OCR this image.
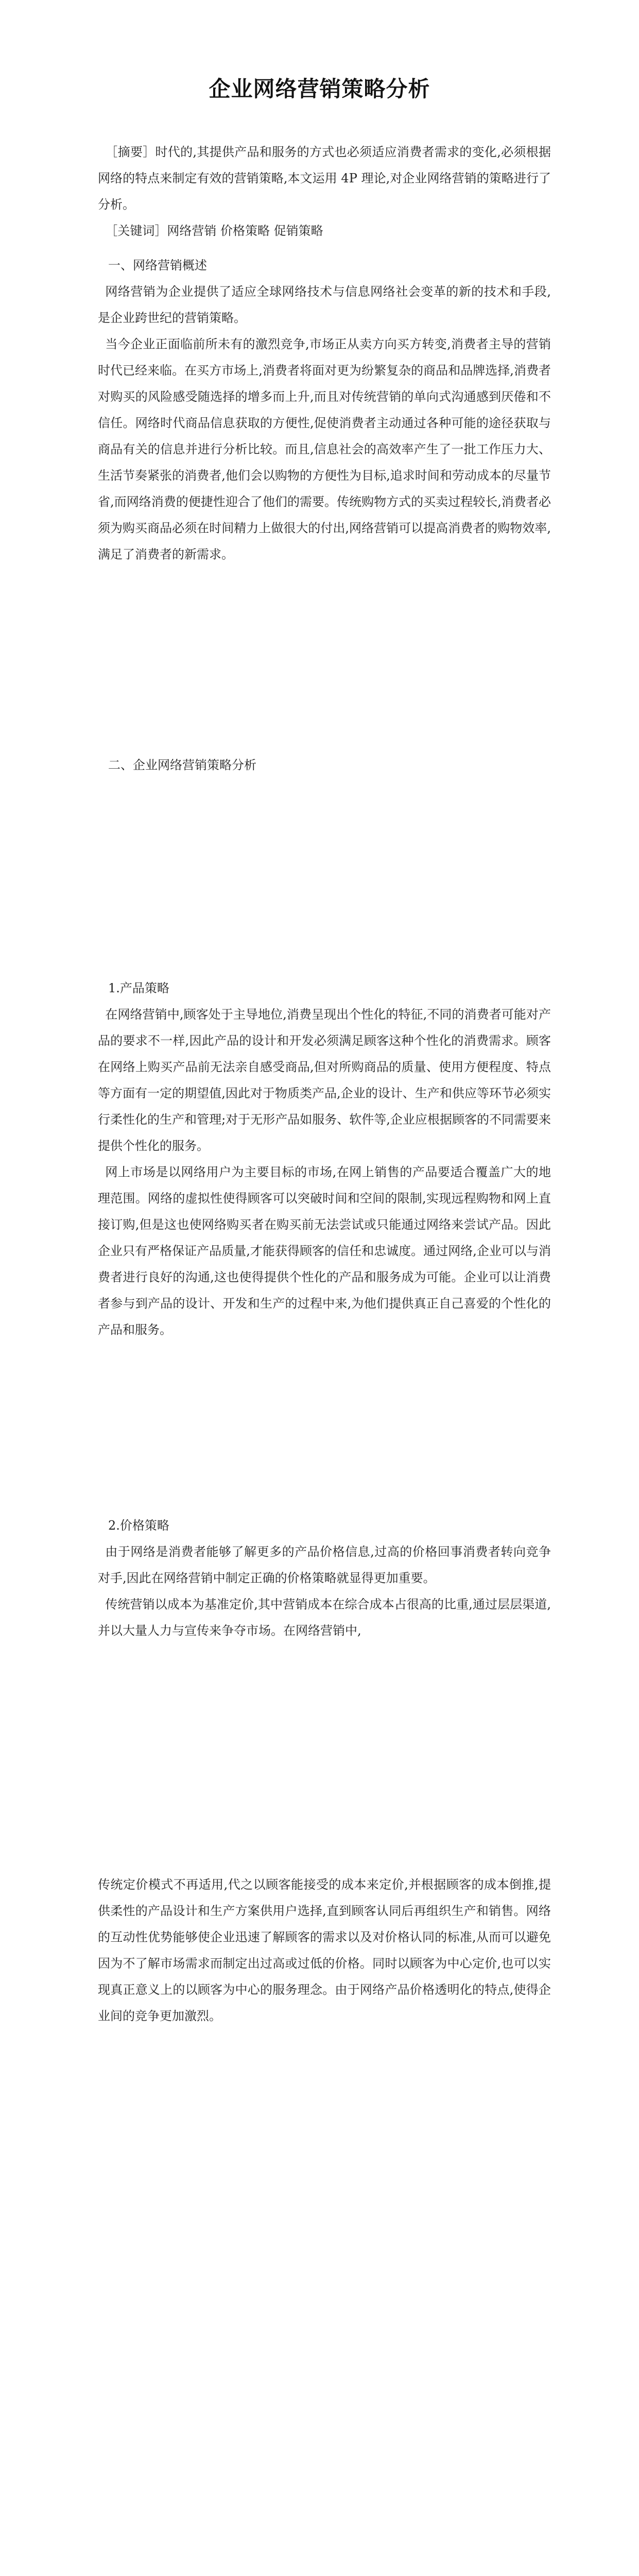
企业网络营销策略分析

［摘要］时代的,其提供产品和服务的方式也必须适应消费者需求的变化,必须根据网络的特点来制定有效的营销策略,本文运用 4P 理论,对企业网络营销的策略进行了分析。

［关键词］网络营销 价格策略 促销策略

一、网络营销概述

网络营销为企业提供了适应全球网络技术与信息网络社会变革的新的技术和手段,是企业跨世纪的营销策略。

当今企业正面临前所未有的激烈竞争,市场正从卖方向买方转变,消费者主导的营销时代已经来临。在买方市场上,消费者将面对更为纷繁复杂的商品和品牌选择,消费者对购买的风险感受随选择的增多而上升,而且对传统营销的单向式沟通感到厌倦和不信任。网络时代商品信息获取的方便性,促使消费者主动通过各种可能的途径获取与商品有关的信息并进行分析比较。而且,信息社会的高效率产生了一批工作压力大、生活节奏紧张的消费者,他们会以购物的方便性为目标,追求时间和劳动成本的尽量节省,而网络消费的便捷性迎合了他们的需要。传统购物方式的买卖过程较长,消费者必须为购买商品必须在时间精力上做很大的付出,网络营销可以提高消费者的购物效率,满足了消费者的新需求。

二、企业网络营销策略分析
1.产品策略

在网络营销中,顾客处于主导地位,消费呈现出个性化的特征,不同的消费者可能对产品的要求不一样,因此产品的设计和开发必须满足顾客这种个性化的消费需求。顾客在网络上购买产品前无法亲自感受商品,但对所购商品的质量、使用方便程度、特点等方面有一定的期望值,因此对于物质类产品,企业的设计、生产和供应等环节必须实行柔性化的生产和管理;对于无形产品如服务、软件等,企业应根据顾客的不同需要来提供个性化的服务。

网上市场是以网络用户为主要目标的市场,在网上销售的产品要适合覆盖广大的地理范围。网络的虚拟性使得顾客可以突破时间和空间的限制,实现远程购物和网上直接订购,但是这也使网络购买者在购买前无法尝试或只能通过网络来尝试产品。因此企业只有严格保证产品质量,才能获得顾客的信任和忠诚度。通过网络,企业可以与消费者进行良好的沟通,这也使得提供个性化的产品和服务成为可能。企业可以让消费者参与到产品的设计、开发和生产的过程中来,为他们提供真正自己喜爱的个性化的产品和服务。

2.价格策略

由于网络是消费者能够了解更多的产品价格信息,过高的价格回事消费者转向竞争对手,因此在网络营销中制定正确的价格策略就显得更加重要。

传统营销以成本为基准定价,其中营销成本在综合成本占很高的比重,通过层层渠道,并以大量人力与宣传来争夺市场。在网络营销中,

传统定价模式不再适用,代之以顾客能接受的成本来定价,并根据顾客的成本倒推,提供柔性的产品设计和生产方案供用户选择,直到顾客认同后再组织生产和销售。网络的互动性优势能够使企业迅速了解顾客的需求以及对价格认同的标准,从而可以避免因为不了解市场需求而制定出过高或过低的价格。同时以顾客为中心定价,也可以实现真正意义上的以顾客为中心的服务理念。由于网络产品价格透明化的特点,使得企业间的竞争更加激烈。
